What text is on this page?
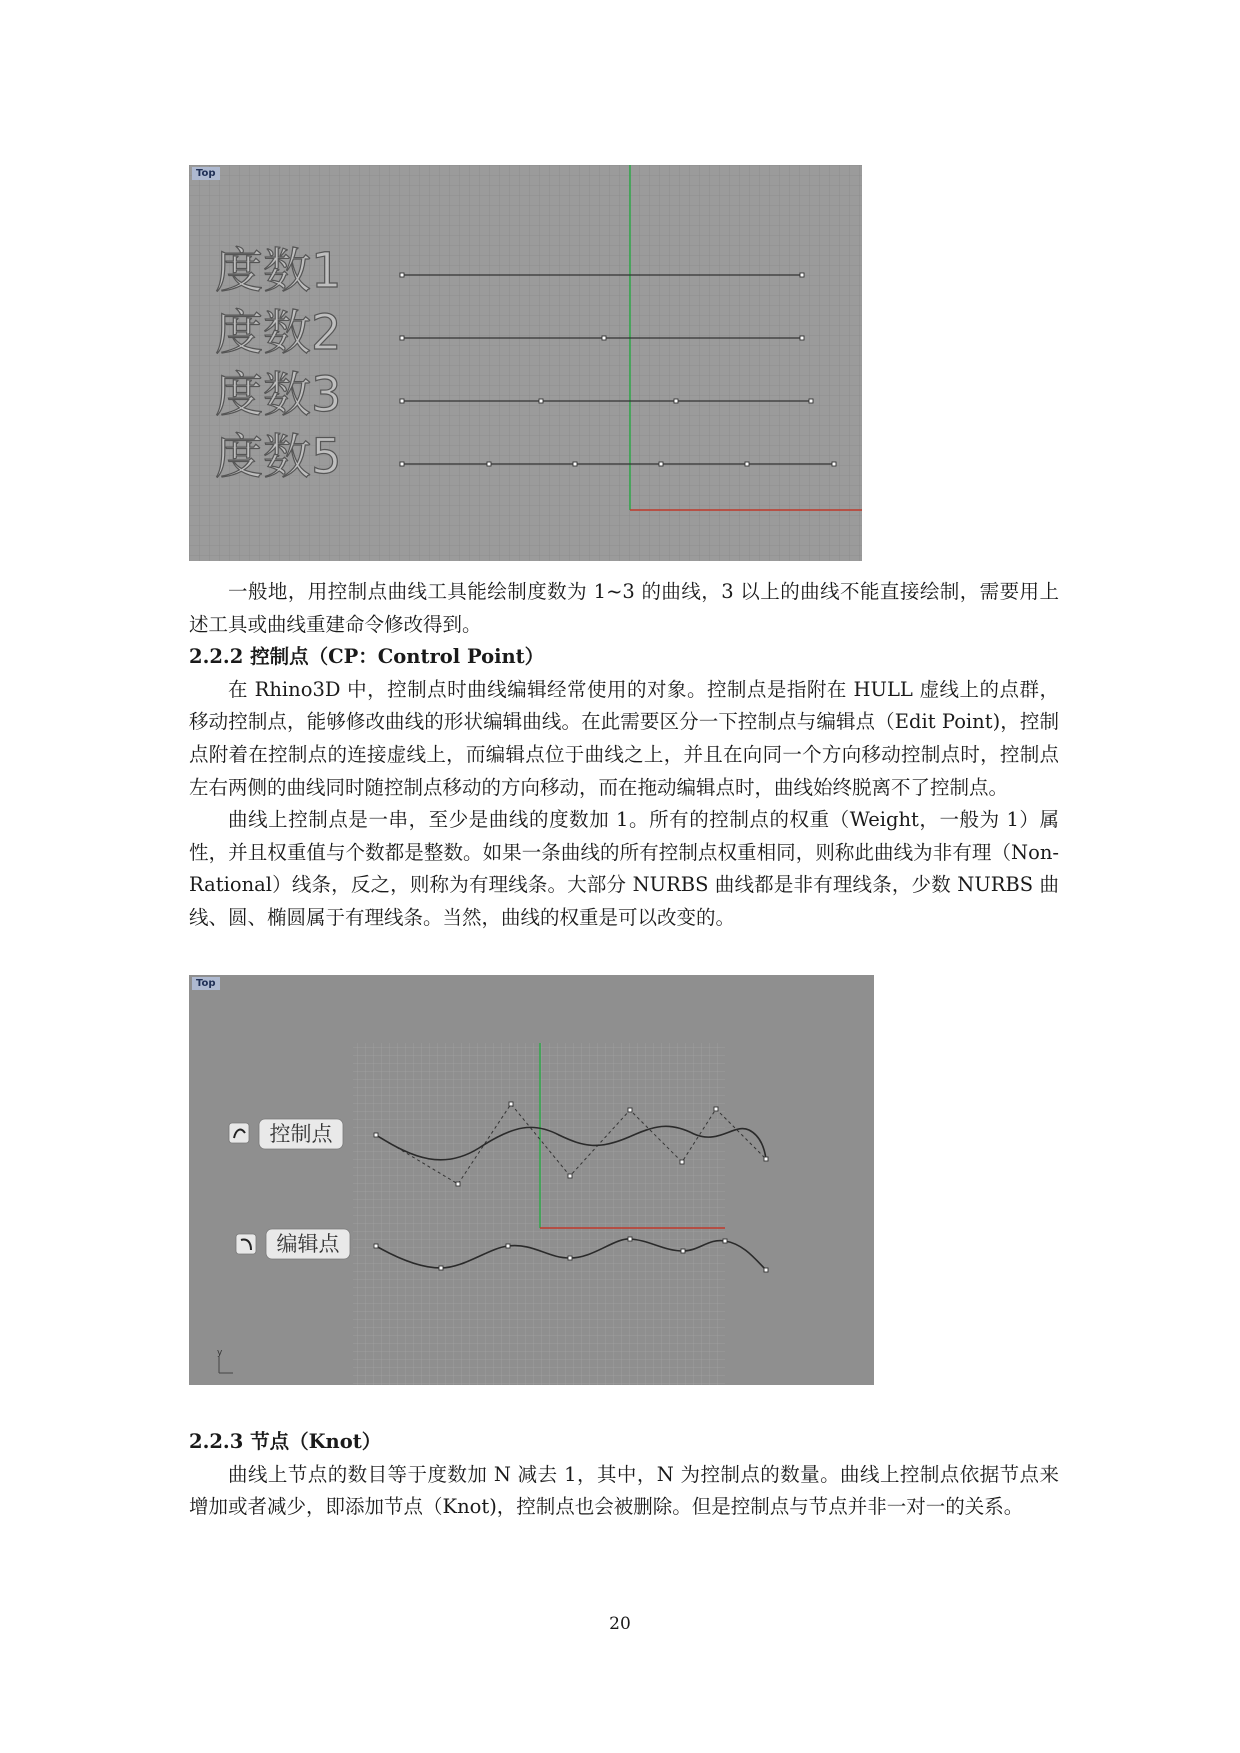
度数1
度数2
度数3
度数5
Top

一般地，用控制点曲线工具能绘制度数为 1~3 的曲线，3 以上的曲线不能直接绘制，需要用上述工具或曲线重建命令修改得到。

2.2.2 控制点（CP：Control Point）

在 Rhino3D 中，控制点时曲线编辑经常使用的对象。控制点是指附在 HULL 虚线上的点群，移动控制点，能够修改曲线的形状编辑曲线。在此需要区分一下控制点与编辑点（Edit Point)，控制点附着在控制点的连接虚线上，而编辑点位于曲线之上，并且在向同一个方向移动控制点时，控制点左右两侧的曲线同时随控制点移动的方向移动，而在拖动编辑点时，曲线始终脱离不了控制点。

曲线上控制点是一串，至少是曲线的度数加 1。所有的控制点的权重（Weight，一般为 1）属性，并且权重值与个数都是整数。如果一条曲线的所有控制点权重相同，则称此曲线为非有理（Non-Rational）线条，反之，则称为有理线条。大部分 NURBS 曲线都是非有理线条，少数 NURBS 曲线、圆、椭圆属于有理线条。当然，曲线的权重是可以改变的。

控制点
编辑点
y
Top

2.2.3 节点（Knot）

曲线上节点的数目等于度数加 N 减去 1，其中，N 为控制点的数量。曲线上控制点依据节点来增加或者减少，即添加节点（Knot)，控制点也会被删除。但是控制点与节点并非一对一的关系。

20
